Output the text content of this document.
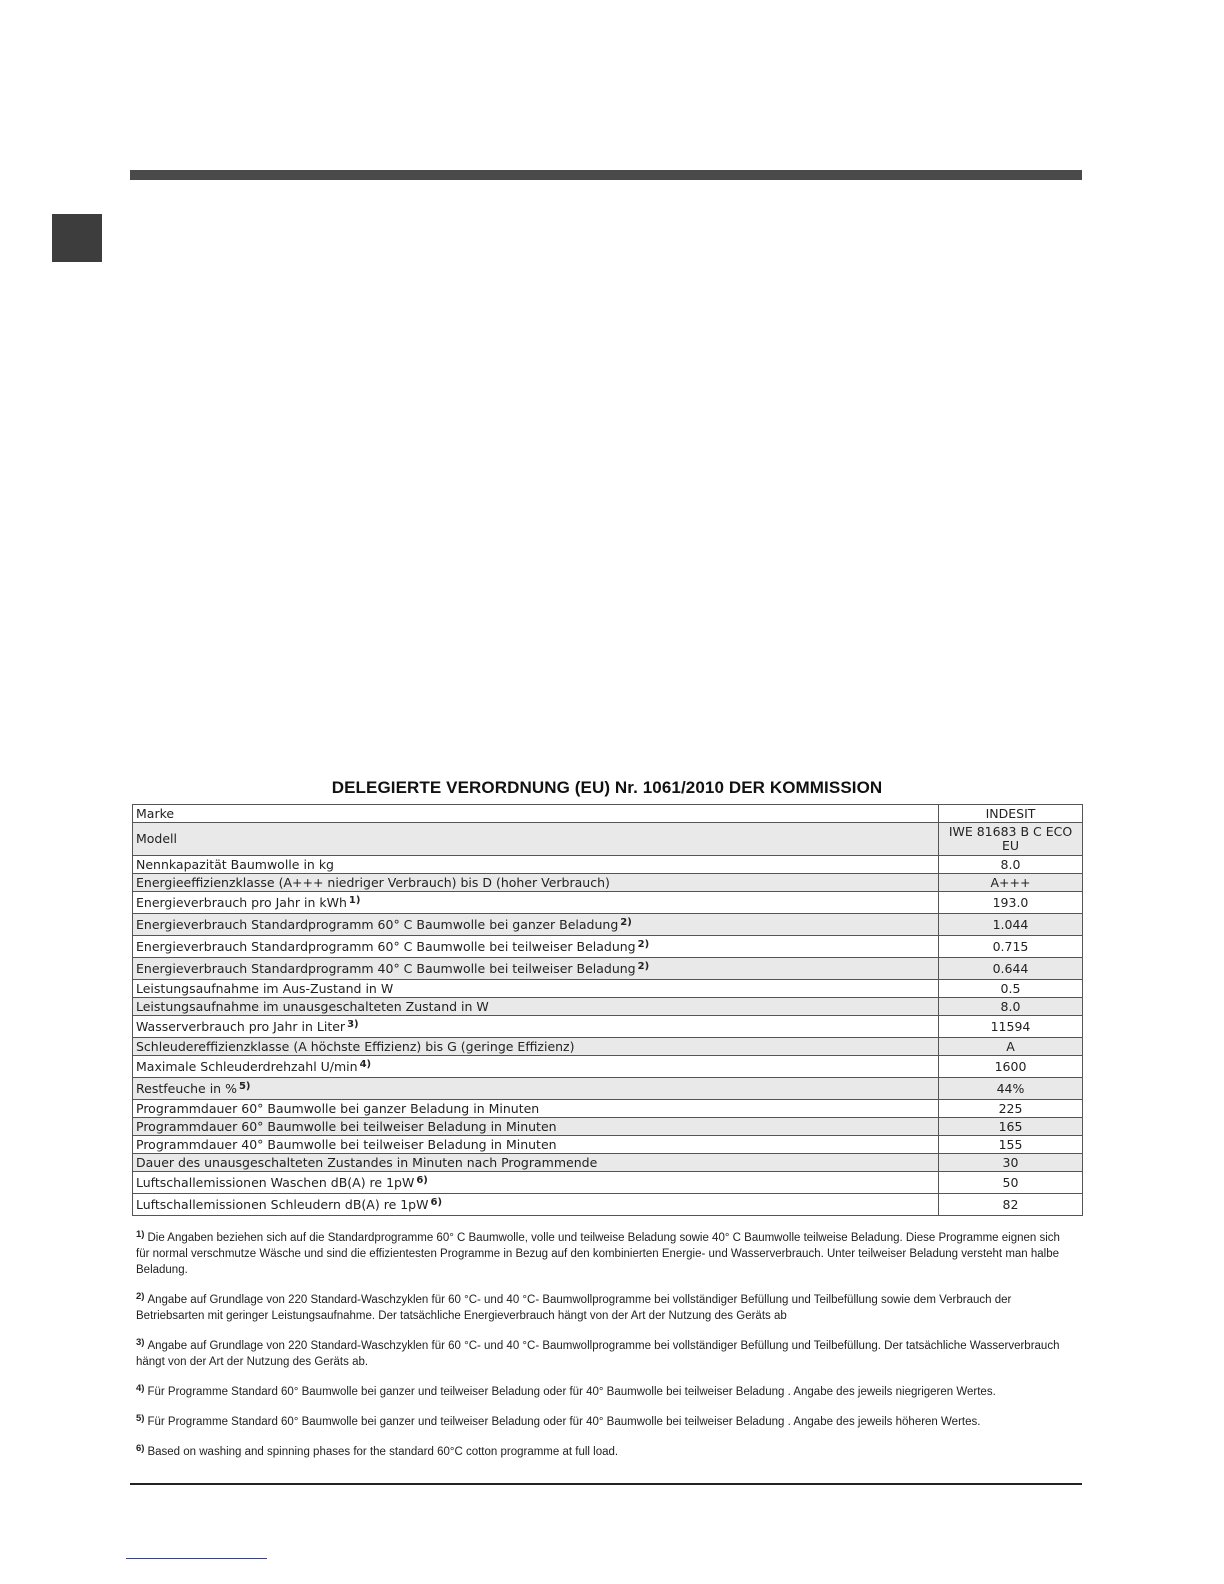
DELEGIERTE VERORDNUNG (EU) Nr. 1061/2010 DER KOMMISSION
Marke	INDESIT
Modell	IWE 81683 B C ECO EU
Nennkapazität Baumwolle in kg	8.0
Energieeffizienzklasse (A+++ niedriger Verbrauch) bis D (hoher Verbrauch)	A+++
Energieverbrauch pro Jahr in kWh $^{1)}$	193.0
Energieverbrauch Standardprogramm 60° C Baumwolle bei ganzer Beladung $^{2)}$	1.044
Energieverbrauch Standardprogramm 60° C Baumwolle bei teilweiser Beladung $^{2)}$	0.715
Energieverbrauch Standardprogramm 40° C Baumwolle bei teilweiser Beladung $^{2)}$	0.644
Leistungsaufnahme im Aus-Zustand in W	0.5
Leistungsaufnahme im unausgeschalteten Zustand in W	8.0
Wasserverbrauch pro Jahr in Liter $^{3)}$	11594
Schleudereffizienzklasse (A höchste Effizienz) bis G (geringe Effizienz)	A
Maximale Schleuderdrehzahl U/min $^{4)}$	1600
Restfeuche in % $^{5)}$	44%
Programmdauer 60° Baumwolle bei ganzer Beladung in Minuten	225
Programmdauer 60° Baumwolle bei teilweiser Beladung in Minuten	165
Programmdauer 40° Baumwolle bei teilweiser Beladung in Minuten	155
Dauer des unausgeschalteten Zustandes in Minuten nach Programmende	30
Luftschallemissionen Waschen dB(A) re 1pW $^{6)}$	50
Luftschallemissionen Schleudern dB(A) re 1pW $^{6)}$	82
$^{1)}$ Die Angaben beziehen sich auf die Standardprogramme 60° C Baumwolle, volle und teilweise Beladung sowie 40° C Baumwolle teilweise Beladung. Diese Programme eignen sich für normal verschmutze Wäsche und sind die effizientesten Programme in Bezug auf den kombinierten Energie- und Wasserverbrauch. Unter teilweiser Beladung versteht man halbe Beladung.
$^{2)}$ Angabe auf Grundlage von 220 Standard-Waschzyklen für 60 °C- und 40 °C- Baumwollprogramme bei vollständiger Befüllung und Teilbefüllung sowie dem Verbrauch der Betriebsarten mit geringer Leistungsaufnahme. Der tatsächliche Energieverbrauch hängt von der Art der Nutzung des Geräts ab
$^{3)}$ Angabe auf Grundlage von 220 Standard-Waschzyklen für 60 °C- und 40 °C- Baumwollprogramme bei vollständiger Befüllung und Teilbefüllung. Der tatsächliche Wasserverbrauch hängt von der Art der Nutzung des Geräts ab.
$^{4)}$ Für Programme Standard 60° Baumwolle bei ganzer und teilweiser Beladung oder für 40° Baumwolle bei teilweiser Beladung . Angabe des jeweils niegrigeren Wertes.
$^{5)}$ Für Programme Standard 60° Baumwolle bei ganzer und teilweiser Beladung oder für 40° Baumwolle bei teilweiser Beladung . Angabe des jeweils höheren Wertes.
$^{6)}$ Based on washing and spinning phases for the standard 60°C cotton programme at full load.
